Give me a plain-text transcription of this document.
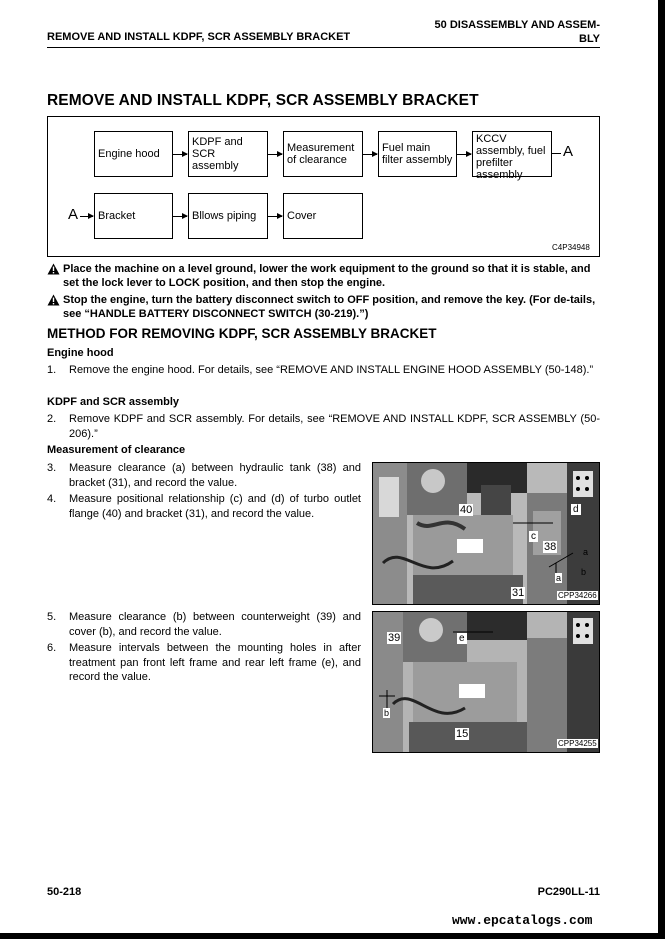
REMOVE AND INSTALL KDPF, SCR ASSEMBLY BRACKET
50 DISASSEMBLY AND ASSEM-
BLY
REMOVE AND INSTALL KDPF, SCR ASSEMBLY BRACKET
Engine hood
KDPF and SCR assembly
Measurement of clearance
Fuel main filter assembly
KCCV assembly, fuel prefilter assembly
A
A	Bracket	Bllows piping	Cover
C4P34948
Place the machine on a level ground, lower the work equipment to the ground so that it is stable, and set the lock lever to LOCK position, and then stop the engine.
Stop the engine, turn the battery disconnect switch to OFF position, and remove the key. (For de-tails, see “HANDLE BATTERY DISCONNECT SWITCH (30-219).”)
METHOD FOR REMOVING KDPF, SCR ASSEMBLY BRACKET
Engine hood
1.	Remove the engine hood. For details, see “REMOVE AND INSTALL ENGINE HOOD ASSEMBLY (50-148).”
KDPF and SCR assembly
2.	Remove KDPF and SCR assembly. For details, see “REMOVE AND INSTALL KDPF, SCR ASSEMBLY (50-206).”
Measurement of clearance
3.	Measure clearance (a) between hydraulic tank (38) and bracket (31), and record the value.
4.	Measure positional relationship (c) and (d) of turbo outlet flange (40) and bracket (31), and record the value.
5.	Measure clearance (b) between counterweight (39) and cover (b), and record the value.
6.	Measure intervals between the mounting holes in after treatment pan front left frame and rear left frame (e), and record the value.
40	d
c
38	a
31
a
b
CPP34266
39	e
b
15
CPP34255
50-218	PC290LL-11
www.epcatalogs.com
